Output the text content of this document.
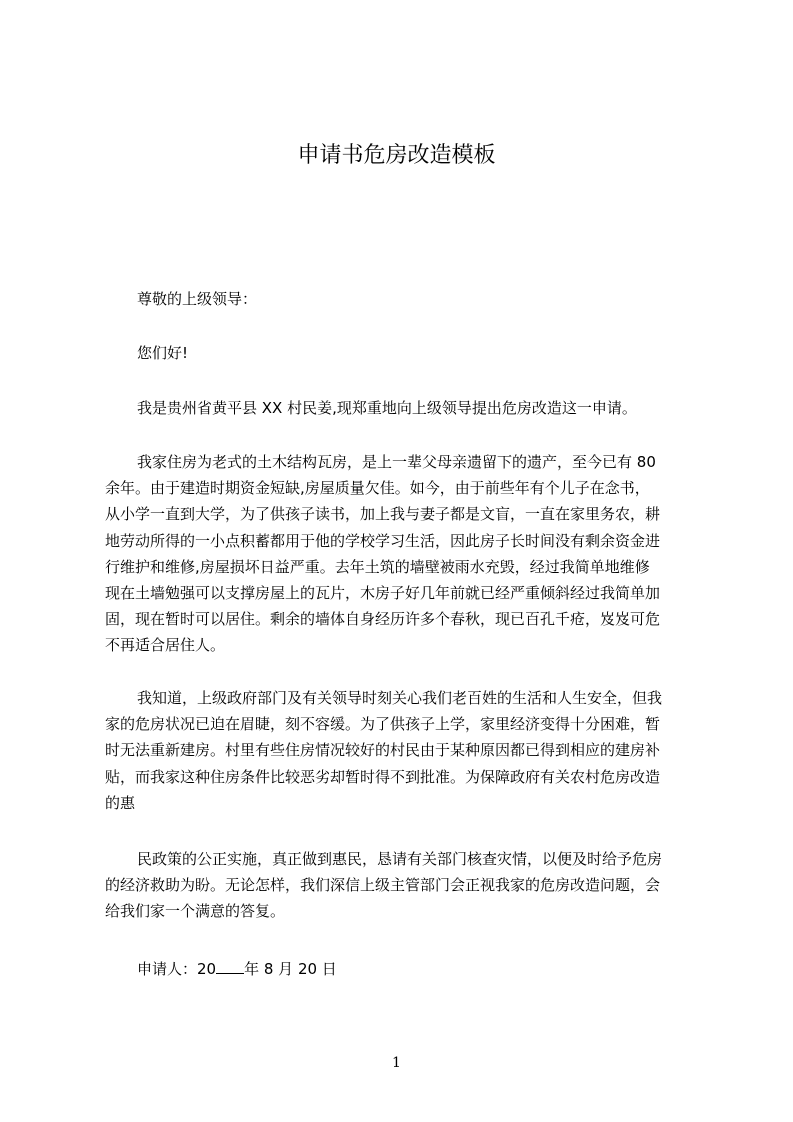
申请书危房改造模板
尊敬的上级领导：
您们好!
我是贵州省黄平县 XX 村民姜,现郑重地向上级领导提出危房改造这一申请。
我家住房为老式的土木结构瓦房，是上一辈父母亲遗留下的遗产，至今已有 80
余年。由于建造时期资金短缺,房屋质量欠佳。如今，由于前些年有个儿子在念书，
从小学一直到大学，为了供孩子读书，加上我与妻子都是文盲，一直在家里务农，耕
地劳动所得的一小点积蓄都用于他的学校学习生活，因此房子长时间没有剩余资金进
行维护和维修,房屋损坏日益严重。去年土筑的墙壁被雨水充毁，经过我简单地维修
现在土墙勉强可以支撑房屋上的瓦片，木房子好几年前就已经严重倾斜经过我简单加
固，现在暂时可以居住。剩余的墙体自身经历许多个春秋，现已百孔千疮，岌岌可危
不再适合居住人。
我知道，上级政府部门及有关领导时刻关心我们老百姓的生活和人生安全，但我
家的危房状况已迫在眉睫，刻不容缓。为了供孩子上学，家里经济变得十分困难，暂
时无法重新建房。村里有些住房情况较好的村民由于某种原因都已得到相应的建房补
贴，而我家这种住房条件比较恶劣却暂时得不到批准。为保障政府有关农村危房改造
的惠
民政策的公正实施，真正做到惠民，恳请有关部门核查灾情，以便及时给予危房
的经济救助为盼。无论怎样，我们深信上级主管部门会正视我家的危房改造问题，会
给我们家一个满意的答复。
申请人：20 年 8 月 20 日
1
